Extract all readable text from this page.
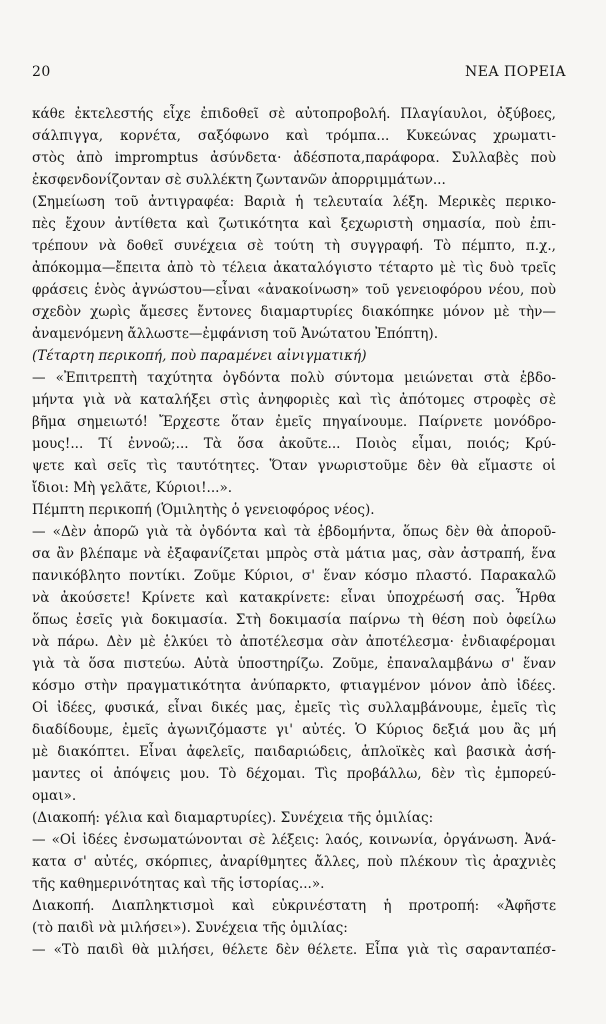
20	ΝΕΑ ΠΟΡΕΙΑ
κάθε ἐκτελεστής εἶχε ἐπιδοθεῖ σὲ αὐτοπροβολή. Πλαγίαυλοι, ὀξύβοες,
σάλπιγγα, κορνέτα, σαξόφωνο καὶ τρόμπα... Κυκεώνας χρωματι-
στὸς ἀπὸ impromptus ἀσύνδετα· ἀδέσποτα,παράφορα. Συλλαβὲς ποὺ
ἐκσφενδονίζονταν σὲ συλλέκτη ζωντανῶν ἀπορριμμάτων...
(Σημείωση τοῦ ἀντιγραφέα: Βαριὰ ἡ τελευταία λέξη. Μερικὲς περικο-
πὲς ἔχουν ἀντίθετα καὶ ζωτικότητα καὶ ξεχωριστὴ σημασία, ποὺ ἐπι-
τρέπουν νὰ δοθεῖ συνέχεια σὲ τούτη τὴ συγγραφή. Τὸ πέμπτο, π.χ.,
ἀπόκομμα—ἔπειτα ἀπὸ τὸ τέλεια ἀκαταλόγιστο τέταρτο μὲ τὶς δυὸ τρεῖς
φράσεις ἑνὸς ἀγνώστου—εἶναι «ἀνακοίνωση» τοῦ γενειοφόρου νέου, ποὺ
σχεδὸν χωρὶς ἄμεσες ἔντονες διαμαρτυρίες διακόπηκε μόνον μὲ τὴν—
ἀναμενόμενη ἄλλωστε—ἐμφάνιση τοῦ Ἀνώτατου Ἐπόπτη).
(Τέταρτη περικοπή, ποὺ παραμένει αἰνιγματική)
— «Ἐπιτρεπτὴ ταχύτητα ὀγδόντα πολὺ σύντομα μειώνεται στὰ ἑβδο-
μήντα γιὰ νὰ καταλήξει στὶς ἀνηφοριὲς καὶ τὶς ἀπότομες στροφὲς σὲ
βῆμα σημειωτό! Ἔρχεστε ὅταν ἐμεῖς πηγαίνουμε. Παίρνετε μονόδρο-
μους!... Τί ἐννοῶ;... Τὰ ὅσα ἀκοῦτε... Ποιὸς εἶμαι, ποιός; Κρύ-
ψετε καὶ σεῖς τὶς ταυτότητες. Ὅταν γνωριστοῦμε δὲν θὰ εἴμαστε οἱ
ἴδιοι: Μὴ γελᾶτε, Κύριοι!...».
Πέμπτη περικοπή (Ὁμιλητὴς ὁ γενειοφόρος νέος).
— «Δὲν ἀπορῶ γιὰ τὰ ὀγδόντα καὶ τὰ ἑβδομήντα, ὅπως δὲν θὰ ἀποροῦ-
σα ἂν βλέπαμε νὰ ἐξαφανίζεται μπρὸς στὰ μάτια μας, σὰν ἀστραπή, ἕνα
πανικόβλητο ποντίκι. Ζοῦμε Κύριοι, σ' ἕναν κόσμο πλαστό. Παρακαλῶ
νὰ ἀκούσετε! Κρίνετε καὶ κατακρίνετε: εἶναι ὑποχρέωσή σας. Ἦρθα
ὅπως ἐσεῖς γιὰ δοκιμασία. Στὴ δοκιμασία παίρνω τὴ θέση ποὺ ὀφείλω
νὰ πάρω. Δὲν μὲ ἑλκύει τὸ ἀποτέλεσμα σὰν ἀποτέλεσμα· ἐνδιαφέρομαι
γιὰ τὰ ὅσα πιστεύω. Αὐτὰ ὑποστηρίζω. Ζοῦμε, ἐπαναλαμβάνω σ' ἕναν
κόσμο στὴν πραγματικότητα ἀνύπαρκτο, φτιαγμένον μόνον ἀπὸ ἰδέες.
Οἱ ἰδέες, φυσικά, εἶναι δικές μας, ἐμεῖς τὶς συλλαμβάνουμε, ἐμεῖς τὶς
διαδίδουμε, ἐμεῖς ἀγωνιζόμαστε γι' αὐτές. Ὁ Κύριος δεξιά μου ἂς μή
μὲ διακόπτει. Εἶναι ἀφελεῖς, παιδαριώδεις, ἁπλοϊκὲς καὶ βασικὰ ἀσή-
μαντες οἱ ἀπόψεις μου. Τὸ δέχομαι. Τὶς προβάλλω, δὲν τὶς ἐμπορεύ-
ομαι».
(Διακοπή: γέλια καὶ διαμαρτυρίες). Συνέχεια τῆς ὁμιλίας:
— «Οἱ ἰδέες ἐνσωματώνονται σὲ λέξεις: λαός, κοινωνία, ὀργάνωση. Ἀνά-
κατα σ' αὐτές, σκόρπιες, ἀναρίθμητες ἄλλες, ποὺ πλέκουν τὶς ἀραχνιὲς
τῆς καθημερινότητας καὶ τῆς ἱστορίας...».
Διακοπή. Διαπληκτισμοὶ καὶ εὐκρινέστατη ἡ προτροπή: «Ἀφῆστε
(τὸ παιδὶ νὰ μιλήσει»). Συνέχεια τῆς ὁμιλίας:
— «Τὸ παιδὶ θὰ μιλήσει, θέλετε δὲν θέλετε. Εἶπα γιὰ τὶς σαρανταπέσ-
